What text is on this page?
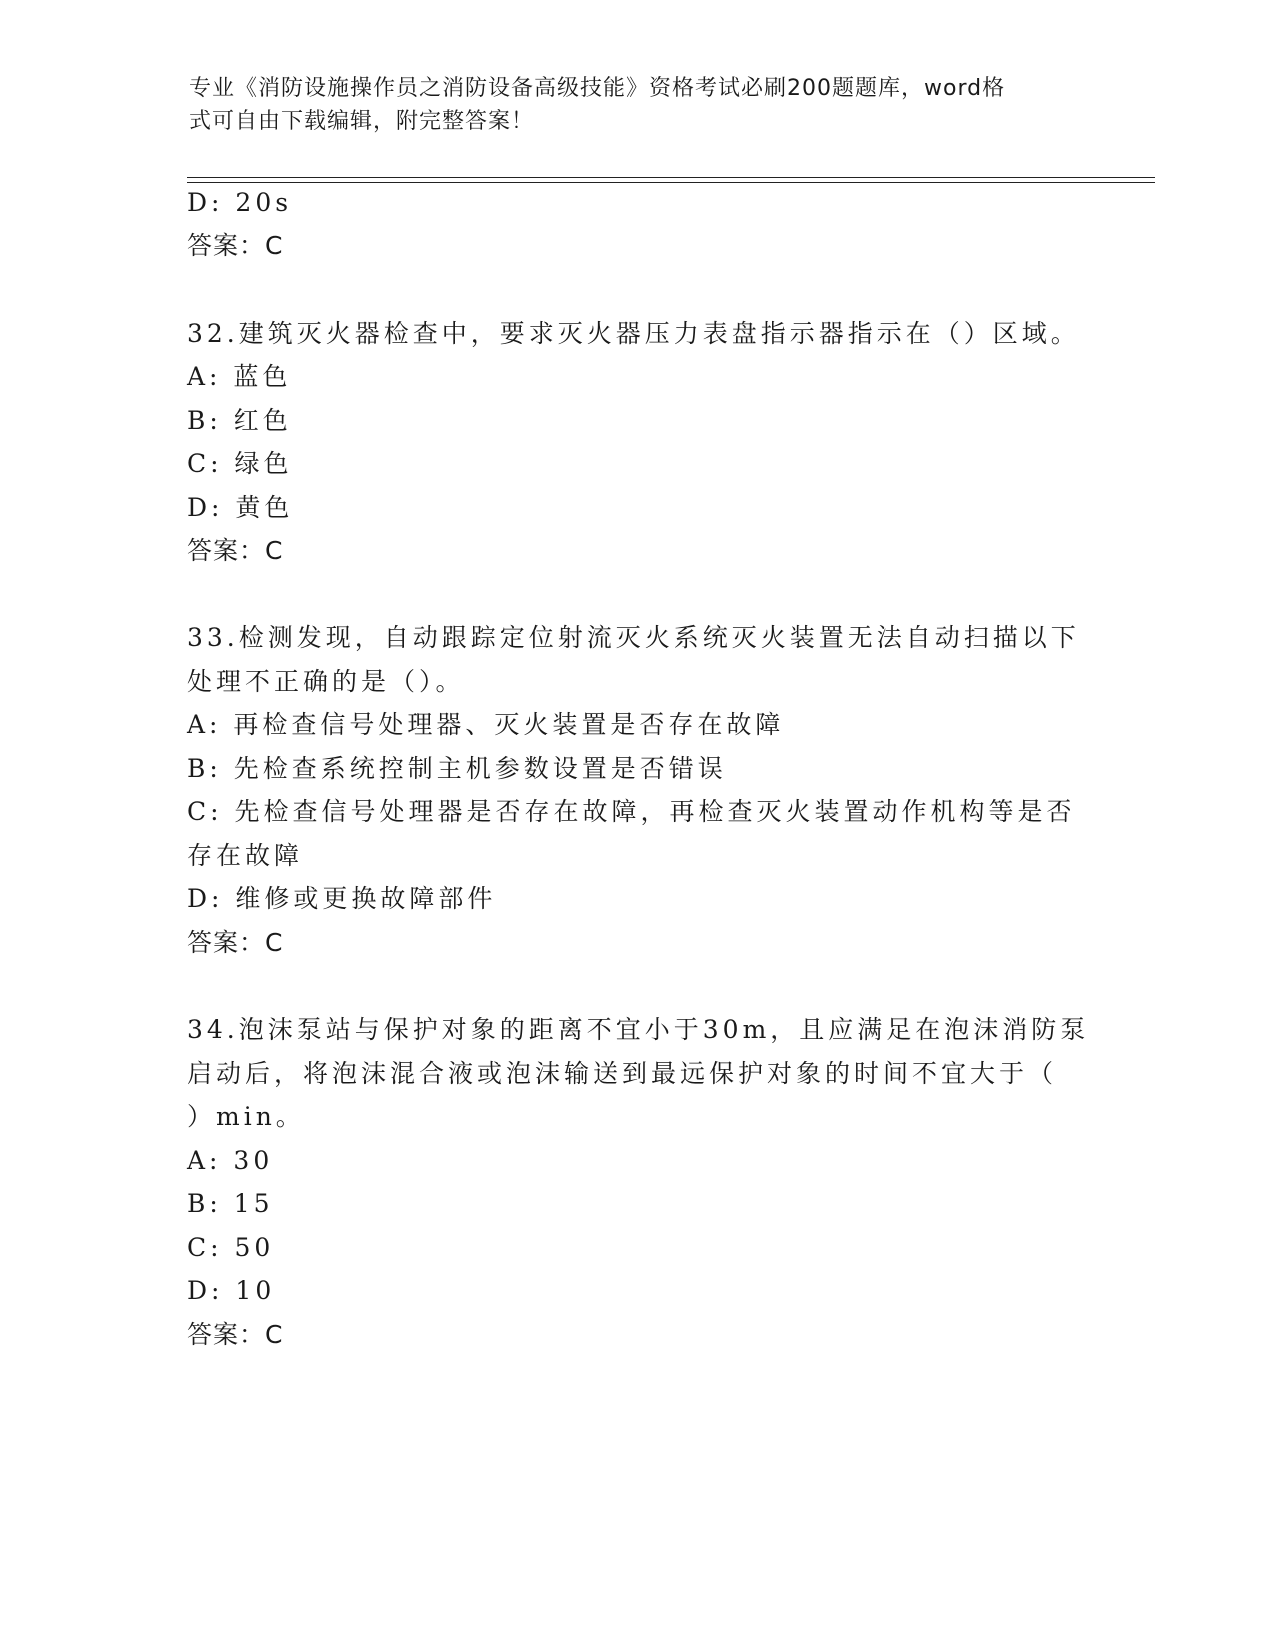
专业《消防设施操作员之消防设备高级技能》资格考试必刷200题题库，word格
式可自由下载编辑，附完整答案！
D: 20s
答案：C
32.建筑灭火器检查中，要求灭火器压力表盘指示器指示在（）区域。
A: 蓝色
B: 红色
C: 绿色
D: 黄色
答案：C
33.检测发现，自动跟踪定位射流灭火系统灭火装置无法自动扫描以下
处理不正确的是（）。
A: 再检查信号处理器、灭火装置是否存在故障
B: 先检查系统控制主机参数设置是否错误
C: 先检查信号处理器是否存在故障，再检查灭火装置动作机构等是否
存在故障
D: 维修或更换故障部件
答案：C
34.泡沫泵站与保护对象的距离不宜小于30m，且应满足在泡沫消防泵
启动后，将泡沫混合液或泡沫输送到最远保护对象的时间不宜大于（
）min。
A: 30
B: 15
C: 50
D: 10
答案：C
